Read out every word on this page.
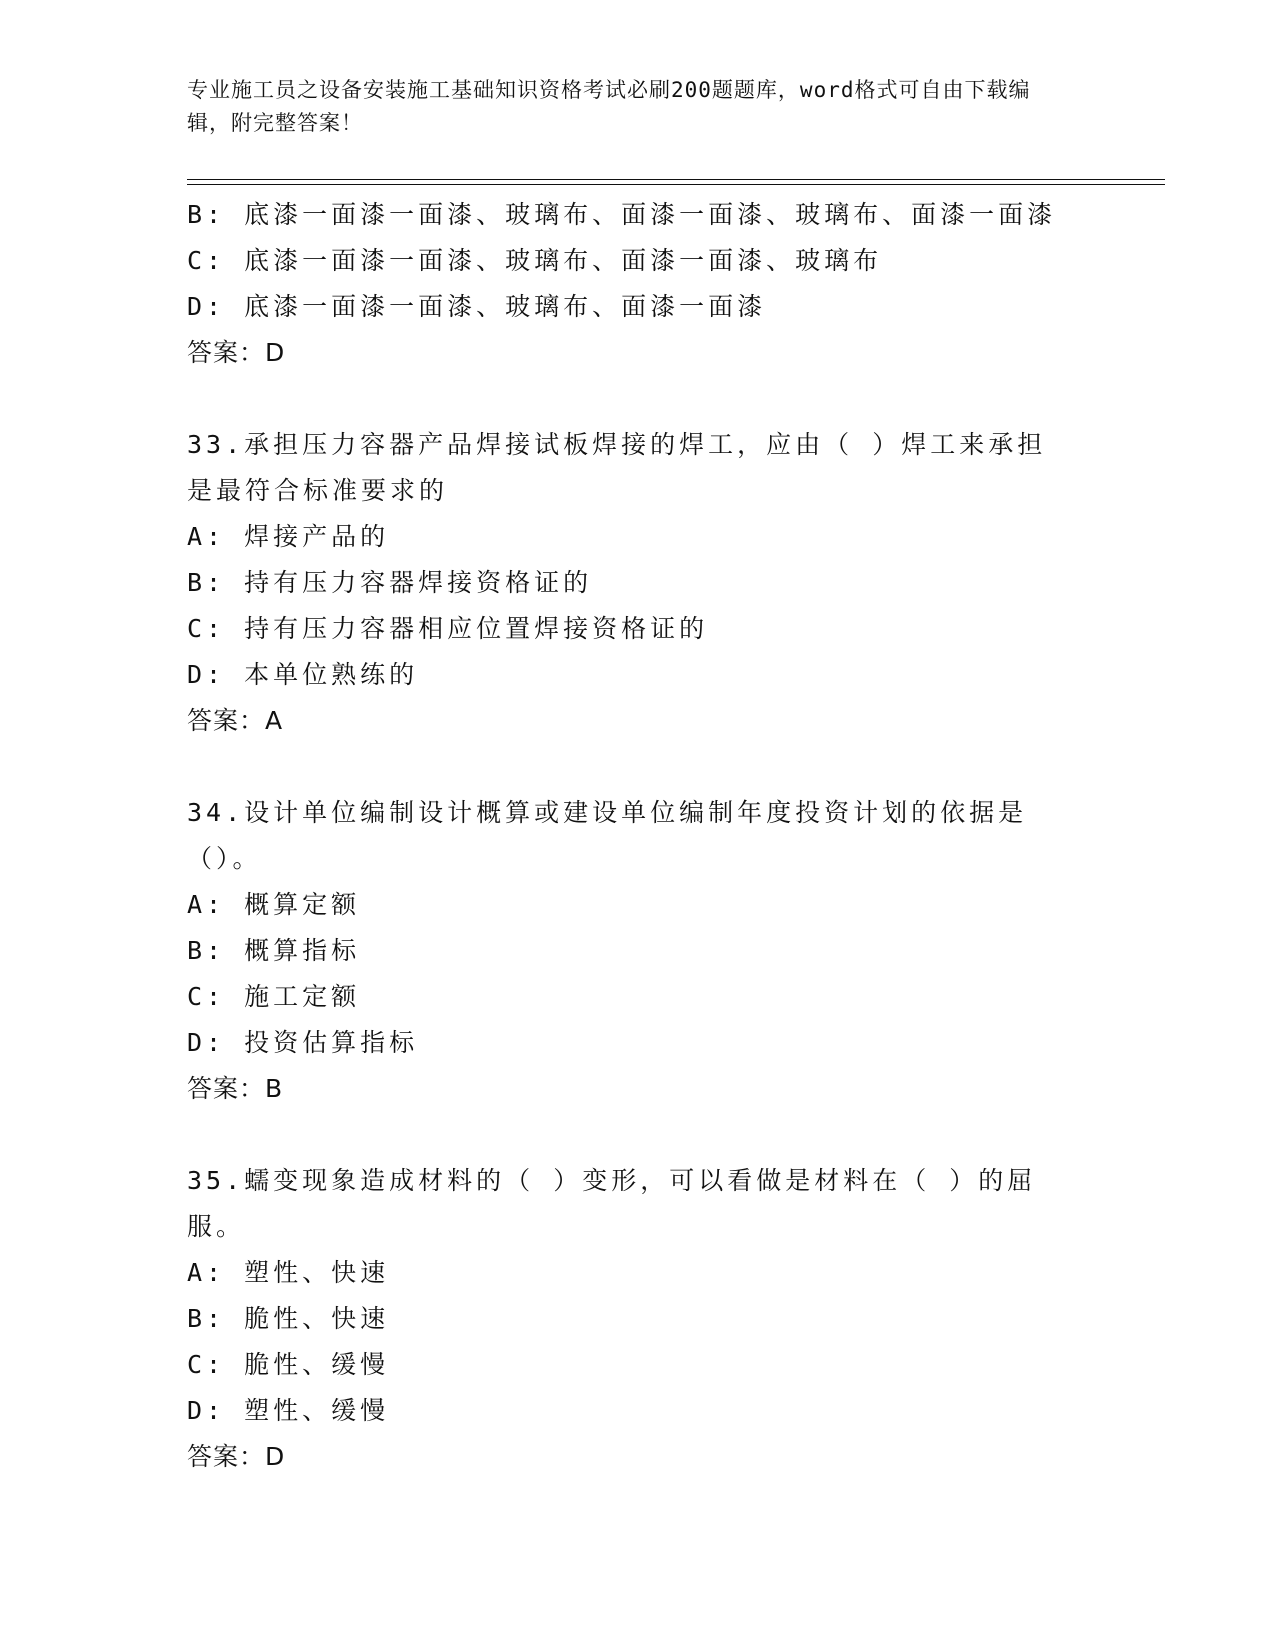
专业施工员之设备安装施工基础知识资格考试必刷200题题库，word格式可自由下载编辑，附完整答案！
B: 底漆一面漆一面漆、玻璃布、面漆一面漆、玻璃布、面漆一面漆
C: 底漆一面漆一面漆、玻璃布、面漆一面漆、玻璃布
D: 底漆一面漆一面漆、玻璃布、面漆一面漆
答案：D
33.承担压力容器产品焊接试板焊接的焊工，应由（ ）焊工来承担是最符合标准要求的
A: 焊接产品的
B: 持有压力容器焊接资格证的
C: 持有压力容器相应位置焊接资格证的
D: 本单位熟练的
答案：A
34.设计单位编制设计概算或建设单位编制年度投资计划的依据是（）。
A: 概算定额
B: 概算指标
C: 施工定额
D: 投资估算指标
答案：B
35.蠕变现象造成材料的（ ）变形，可以看做是材料在（ ）的屈服。
A: 塑性、快速
B: 脆性、快速
C: 脆性、缓慢
D: 塑性、缓慢
答案：D
